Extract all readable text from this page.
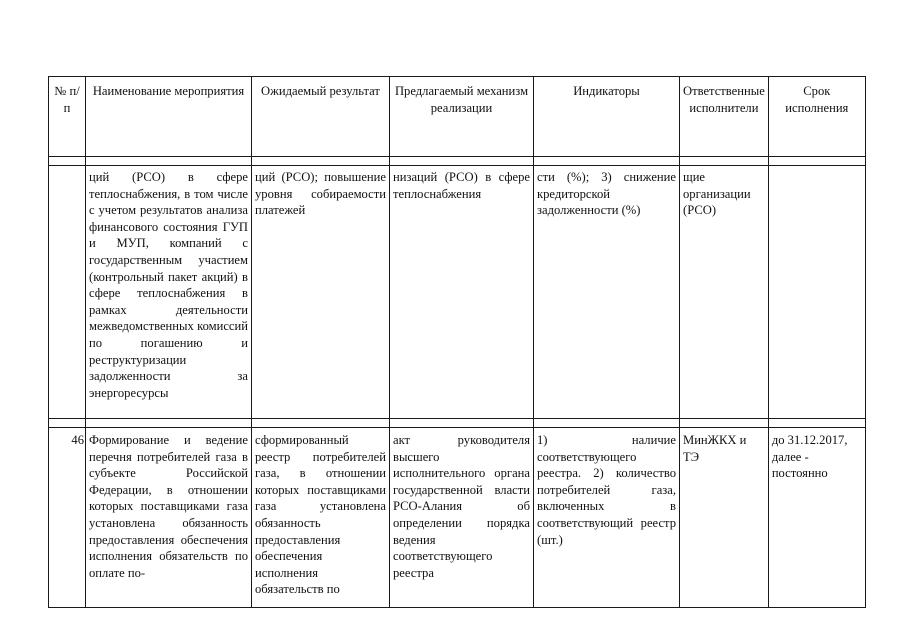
№ п/п	Наименование мероприятия	Ожидаемый результат	Предлагаемый механизм реализации	Индикаторы	Ответственные исполнители	Срок исполнения

	ций (РСО) в сфере теплоснабжения, в том числе с учетом результатов анализа финансового состояния ГУП и МУП, компаний с государственным участием (контрольный пакет акций) в сфере теплоснабжения в рамках деятельности межведомственных комиссий по погашению и реструктуризации задолженности за энергоресурсы	ций (РСО); повышение уровня собираемости платежей	низаций (РСО) в сфере теплоснабжения	сти (%); 3) снижение кредиторской задолженности (%)	щие организации (РСО)	

46	Формирование и ведение перечня потребителей газа в субъекте Российской Федерации, в отношении которых поставщиками газа установлена обязанность предоставления обеспечения исполнения обязательств по оплате по-	сформированный реестр потребителей газа, в отношении которых поставщиками газа установлена обязанность предоставления обеспечения исполнения обязательств по	акт руководителя высшего исполнительного органа государственной власти РСО-Алания об определении порядка ведения соответствующего реестра	1) наличие соответствующего реестра. 2) количество потребителей газа, включенных в соответствующий реестр (шт.)	МинЖКХ и ТЭ	до 31.12.2017, далее - постоянно
